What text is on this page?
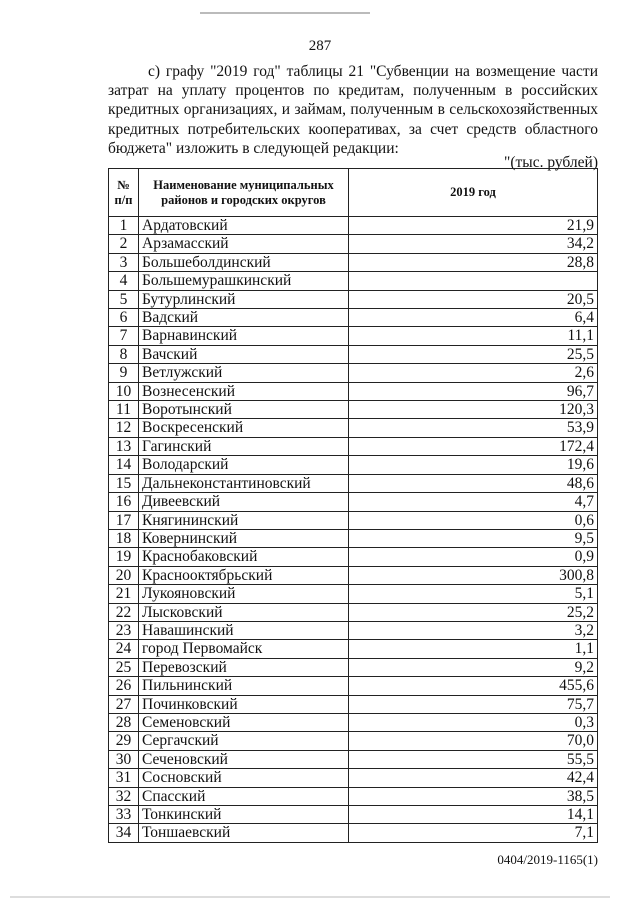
287
с) графу "2019 год" таблицы 21 "Субвенции на возмещение части затрат на уплату процентов по кредитам, полученным в российских кредитных организациях, и займам, полученным в сельскохозяйственных кредитных потребительских кооперативах, за счет средств областного бюджета" изложить в следующей редакции:
"(тыс. рублей)
№ п/п	Наименование муниципальных районов и городских округов	2019 год
1	Ардатовский	21,9
2	Арзамасский	34,2
3	Большеболдинский	28,8
4	Большемурашкинский	
5	Бутурлинский	20,5
6	Вадский	6,4
7	Варнавинский	11,1
8	Вачский	25,5
9	Ветлужский	2,6
10	Вознесенский	96,7
11	Воротынский	120,3
12	Воскресенский	53,9
13	Гагинский	172,4
14	Володарский	19,6
15	Дальнеконстантиновский	48,6
16	Дивеевский	4,7
17	Княгининский	0,6
18	Ковернинский	9,5
19	Краснобаковский	0,9
20	Краснооктябрьский	300,8
21	Лукояновский	5,1
22	Лысковский	25,2
23	Навашинский	3,2
24	город Первомайск	1,1
25	Перевозский	9,2
26	Пильнинский	455,6
27	Починковский	75,7
28	Семеновский	0,3
29	Сергачский	70,0
30	Сеченовский	55,5
31	Сосновский	42,4
32	Спасский	38,5
33	Тонкинский	14,1
34	Тоншаевский	7,1
0404/2019-1165(1)
